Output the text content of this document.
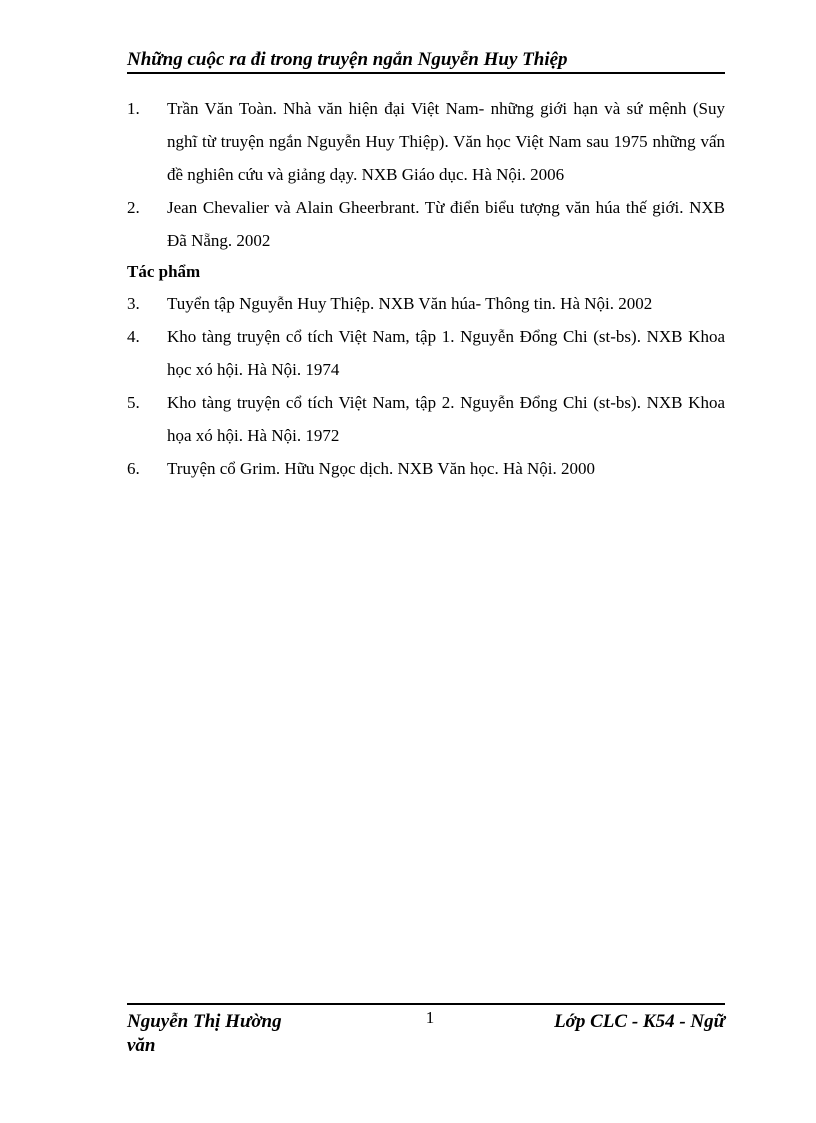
Những cuộc ra đi trong truyện ngắn Nguyễn Huy Thiệp
1.	Trần Văn Toàn. Nhà văn hiện đại Việt Nam- những giới hạn và sứ mệnh (Suy nghĩ từ truyện ngắn Nguyễn Huy Thiệp). Văn học Việt Nam sau 1975 những vấn đề nghiên cứu và giảng dạy. NXB Giáo dục. Hà Nội. 2006
2.	Jean Chevalier và Alain Gheerbrant. Từ điển biểu tượng văn húa thế giới. NXB Đã Nẵng. 2002
Tác phẩm
3.	Tuyển tập Nguyễn Huy Thiệp. NXB Văn húa- Thông tin. Hà Nội. 2002
4.	Kho tàng truyện cổ tích Việt Nam, tập 1. Nguyễn Đổng Chi (st-bs). NXB Khoa học xó hội. Hà Nội. 1974
5.	Kho tàng truyện cổ tích Việt Nam, tập 2. Nguyễn Đổng Chi (st-bs). NXB Khoa họa xó hội. Hà Nội. 1972
6.	Truyện cổ Grim. Hữu Ngọc dịch. NXB Văn học. Hà Nội. 2000
Nguyễn Thị Hường
văn
1	Lớp CLC - K54 - Ngữ
